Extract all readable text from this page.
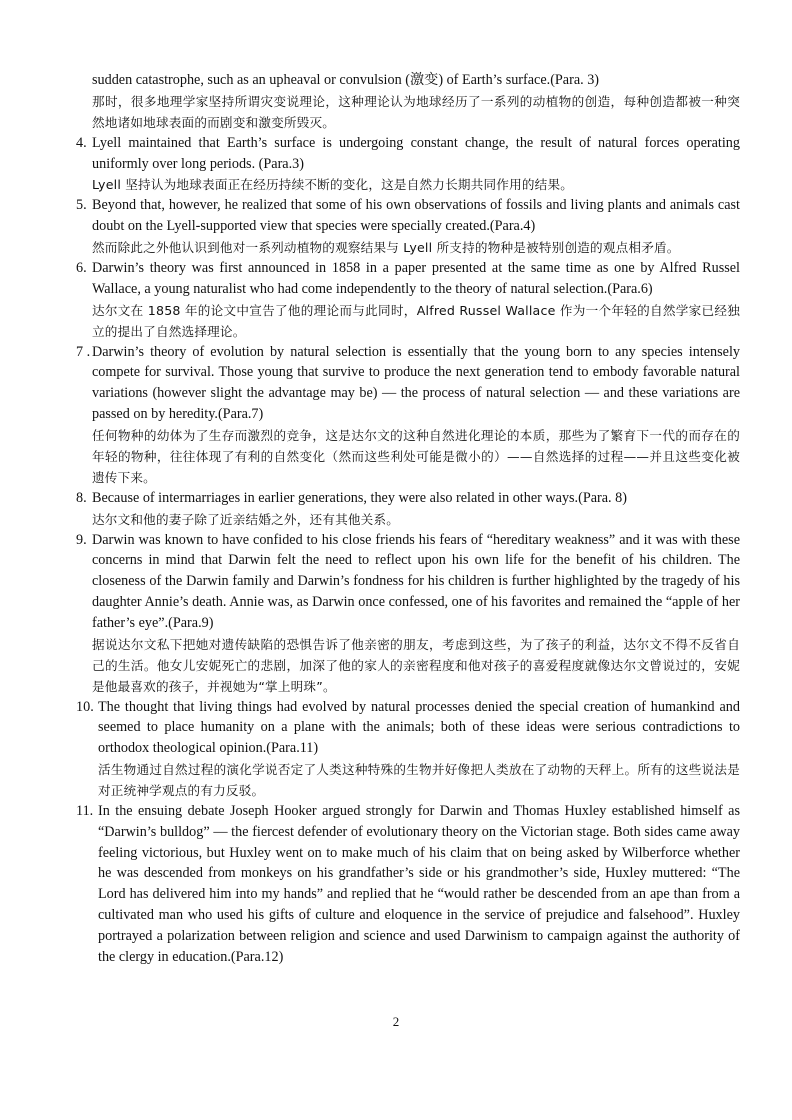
sudden catastrophe, such as an upheaval or convulsion (激变) of Earth’s surface.(Para. 3)
那时，很多地理学家坚持所谓灾变说理论，这种理论认为地球经历了一系列的动植物的创造，每种创造都被一种突然地诸如地球表面的而剧变和激变所毁灭。
4. Lyell maintained that Earth’s surface is undergoing constant change, the result of natural forces operating uniformly over long periods. (Para.3)
Lyell 坚持认为地球表面正在经历持续不断的变化，这是自然力长期共同作用的结果。
5. Beyond that, however, he realized that some of his own observations of fossils and living plants and animals cast doubt on the Lyell-supported view that species were specially created.(Para.4)
然而除此之外他认识到他对一系列动植物的观察结果与 Lyell 所支持的物种是被特别创造的观点相矛盾。
6. Darwin’s theory was first announced in 1858 in a paper presented at the same time as one by Alfred Russel Wallace, a young naturalist who had come independently to the theory of natural selection.(Para.6)
达尔文在 1858 年的论文中宣告了他的理论而与此同时，Alfred Russel Wallace 作为一个年轻的自然学家已经独立的提出了自然选择理论。
7 . Darwin’s theory of evolution by natural selection is essentially that the young born to any species intensely compete for survival. Those young that survive to produce the next generation tend to embody favorable natural variations (however slight the advantage may be) — the process of natural selection — and these variations are passed on by heredity.(Para.7)
任何物种的幼体为了生存而激烈的竞争，这是达尔文的这种自然进化理论的本质，那些为了繁育下一代的而存在的年轻的物种，往往体现了有利的自然变化（然而这些利处可能是微小的）——自然选择的过程——并且这些变化被遗传下来。
8. Because of intermarriages in earlier generations, they were also related in other ways.(Para. 8)
达尔文和他的妻子除了近亲结婚之外，还有其他关系。
9. Darwin was known to have confided to his close friends his fears of “hereditary weakness” and it was with these concerns in mind that Darwin felt the need to reflect upon his own life for the benefit of his children. The closeness of the Darwin family and Darwin’s fondness for his children is further highlighted by the tragedy of his daughter Annie’s death. Annie was, as Darwin once confessed, one of his favorites and remained the “apple of her father’s eye”.(Para.9)
据说达尔文私下把她对遗传缺陷的恐惧告诉了他亲密的朋友，考虑到这些，为了孩子的利益，达尔文不得不反省自己的生活。他女儿安妮死亡的悲剧，加深了他的家人的亲密程度和他对孩子的喜爱程度就像达尔文曾说过的，安妮是他最喜欢的孩子，并视她为“掌上明珠”。
10. The thought that living things had evolved by natural processes denied the special creation of humankind and seemed to place humanity on a plane with the animals; both of these ideas were serious contradictions to orthodox theological opinion.(Para.11)
活生物通过自然过程的演化学说否定了人类这种特殊的生物并好像把人类放在了动物的天秤上。所有的这些说法是对正统神学观点的有力反驳。
11. In the ensuing debate Joseph Hooker argued strongly for Darwin and Thomas Huxley established himself as “Darwin’s bulldog” — the fiercest defender of evolutionary theory on the Victorian stage. Both sides came away feeling victorious, but Huxley went on to make much of his claim that on being asked by Wilberforce whether he was descended from monkeys on his grandfather’s side or his grandmother’s side, Huxley muttered: “The Lord has delivered him into my hands” and replied that he “would rather be descended from an ape than from a cultivated man who used his gifts of culture and eloquence in the service of prejudice and falsehood”. Huxley portrayed a polarization between religion and science and used Darwinism to campaign against the authority of the clergy in education.(Para.12)
2
